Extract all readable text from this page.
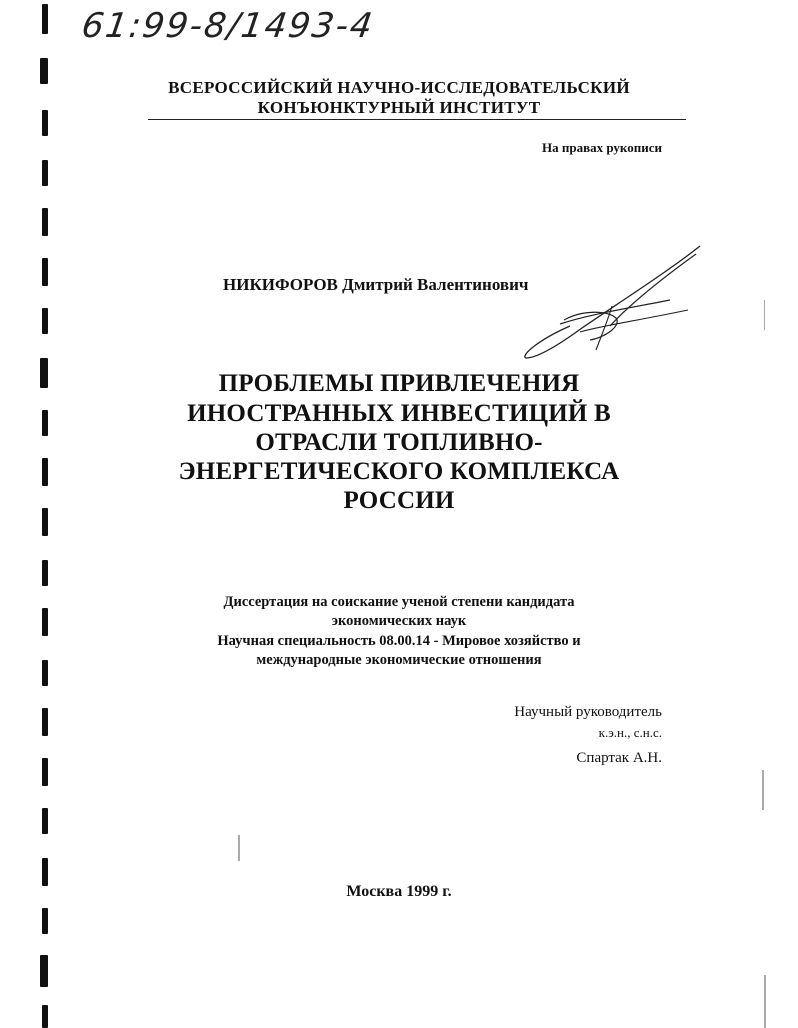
61:99-8/1493-4
ВСЕРОССИЙСКИЙ НАУЧНО-ИССЛЕДОВАТЕЛЬСКИЙ
КОНЪЮНКТУРНЫЙ ИНСТИТУТ
На правах рукописи
НИКИФОРОВ Дмитрий Валентинович
ПРОБЛЕМЫ ПРИВЛЕЧЕНИЯ
ИНОСТРАННЫХ ИНВЕСТИЦИЙ В
ОТРАСЛИ ТОПЛИВНО-
ЭНЕРГЕТИЧЕСКОГО КОМПЛЕКСА
РОССИИ
Диссертация на соискание ученой степени кандидата
экономических наук
Научная специальность 08.00.14 - Мировое хозяйство и
международные экономические отношения
Научный руководитель
к.э.н., с.н.с.
Спартак А.Н.
Москва 1999 г.
